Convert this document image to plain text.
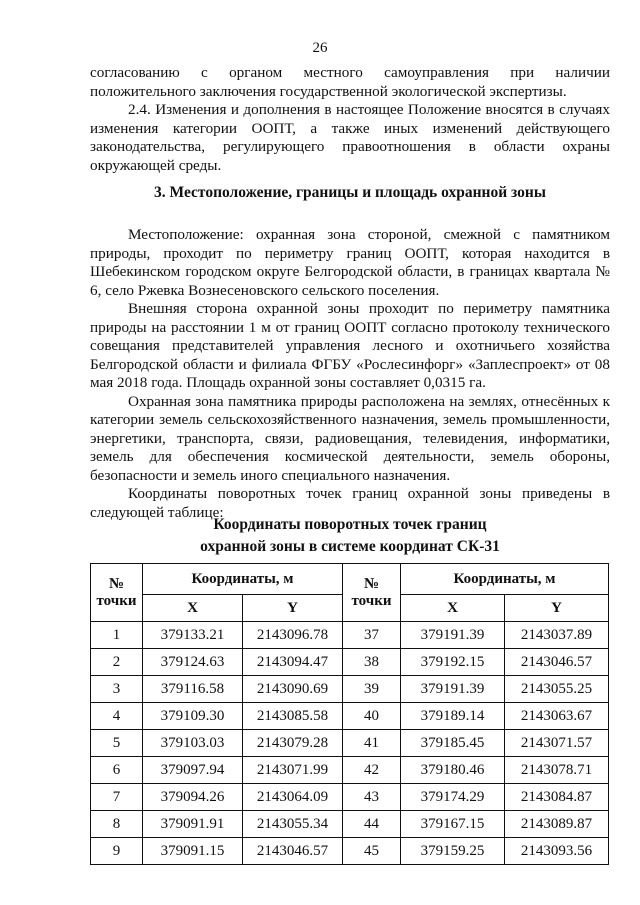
26

согласованию с органом местного самоуправления при наличии положительного заключения государственной экологической экспертизы.

2.4. Изменения и дополнения в настоящее Положение вносятся в случаях изменения категории ООПТ, а также иных изменений действующего законодательства, регулирующего правоотношения в области охраны окружающей среды.

3. Местоположение, границы и площадь охранной зоны

Местоположение: охранная зона стороной, смежной с памятником природы, проходит по периметру границ ООПТ, которая находится в Шебекинском городском округе Белгородской области, в границах квартала № 6, село Ржевка Вознесеновского сельского поселения.

Внешняя сторона охранной зоны проходит по периметру памятника природы на расстоянии 1 м от границ ООПТ согласно протоколу технического совещания представителей управления лесного и охотничьего хозяйства Белгородской области и филиала ФГБУ «Рослесинфорг» «Заплеспроект» от 08 мая 2018 года. Площадь охранной зоны составляет 0,0315 га.

Охранная зона памятника природы расположена на землях, отнесённых к категории земель сельскохозяйственного назначения, земель промышленности, энергетики, транспорта, связи, радиовещания, телевидения, информатики, земель для обеспечения космической деятельности, земель обороны, безопасности и земель иного специального назначения.

Координаты поворотных точек границ охранной зоны приведены в следующей таблице:

Координаты поворотных точек границ
охранной зоны в системе координат СК-31
№ точки	Координаты, м		№ точки	Координаты, м	
	X	Y		X	Y
1	379133.21	2143096.78	37	379191.39	2143037.89
2	379124.63	2143094.47	38	379192.15	2143046.57
3	379116.58	2143090.69	39	379191.39	2143055.25
4	379109.30	2143085.58	40	379189.14	2143063.67
5	379103.03	2143079.28	41	379185.45	2143071.57
6	379097.94	2143071.99	42	379180.46	2143078.71
7	379094.26	2143064.09	43	379174.29	2143084.87
8	379091.91	2143055.34	44	379167.15	2143089.87
9	379091.15	2143046.57	45	379159.25	2143093.56
